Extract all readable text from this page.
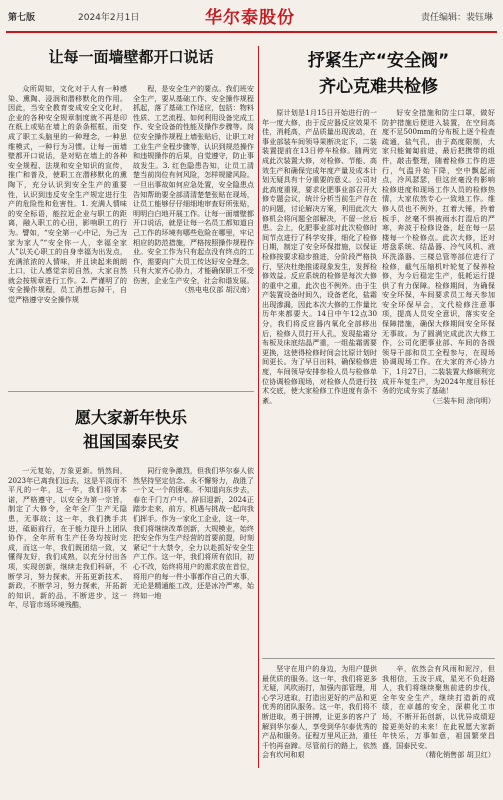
第七版	2024年2月1日	华尔泰股份	责任编辑：裴钰琳
让每一面墙壁都开口说话

众所周知，文化对于人有一种感染、熏陶、浸润和潜移默化的作用。因此，当安全教育变成安全文化时，企业的各种安全规章制度就不再是印在纸上或贴在墙上的条条框框，而变成了职工头脑里的一种理念，一种思维模式，一种行为习惯。让每一面墙壁都开口说话，是对贴在墙上的各种安全规程、法规和安全知识的宣传，推广和普及，使职工在潜移默化的熏陶下，充分认识到安全生产的重要性，认识到违反安全生产规定进行生产的危险性和危害性。1. 充满人情味的安全标语，能拉近企业与职工的距离，融入职工的心田，影响职工的行为。譬如，“安全第一心中记，为己为家为家人”“安全你一人，幸福全家人”以关心职工的自身幸福为出发点，充满浓浓的人情味，并且读起来朗朗上口，让人感觉亲切自然，大家自然就会按规章进行工作。2. 严谨明了的安全操作规程，员工消想忘掉干，自觉严格遵守安全操作规

程，是安全生产的要点。我们班安全生产，要从基础工作、安全操作规程抓起，落了基础工作适应，包括：物料性质、工艺流程、如何利用设备完成工作、安全设备的性能及操作步骤等。岗位安全操作规程上墙张贴后，让职工对工业生产全程步骤等，认识到规范操作和违规操作的后果，自觉遵守，防止事故发生。3. 红色隐患告知，让员工清楚当前岗位有何风险，怎样规避风险。一旦出事故如何应急处置，安全隐患点告知帮助要全部清清楚楚张贴在现场，让员工能够仔仔细细地审查好所张贴，明明白白地开展工作。让每一面墙壁都开口说话，就是让每一名员工都知道自己工作的环境有哪些危险在哪里，牢记相应的防范措施，严格按照操作规程作业。安全工作为只有起点没有终点的工作，需要向广大员工传达好安全理念，只有大家齐心协力，才能确保职工不受伤害，企业生产安全，社会和谐发展。

（热电电仪部 胡汉南）

抒紧生产“安全阀”
齐心克难共检修

原计划是1月15日开始进行的一年一度大修，由于反应器反应效果不佳，消耗高，产品质量出现波动，在事业部装车间领导果断决定下，二装装置提前在13日停车检修。随两完成此次装置大修，对检修、节能、高效生产和确保完成年度产量及成本计划无疑具有十分重要的意义。公司对此高度重视，要求化肥事业部召开大修专题会议，统计分析当前生产存在的问题，讨论解决方案，利用此次大修机会将问题全部解决，不留一丝后患。会上，化肥事业部对此次检修时间节点进行了科学安排，细化了检修日期，制定了安全环保措施，以保证检修按要求稳步推进，分阶段严格执行，坚决杜绝推诿现象发生，发挥检修效益。反应系统的检修是每次大修的重中之重，此次也不例外。由于生产装置设备时间久，设备老化，盐霜出现渗漏，因此本次大修的工作量比历年来都要大。14日中午12点30分，我们将反应器内氧化全部移出后，检修人员打开人孔，发现盐霜分布板及床底结晶严重，一组盐霜需要更换，这使得检修时间会比原计划时间更长。为了早日出料，确保检修进度，车间领导安排参检人员与检修单位协调检修现场，对检修人员进行技术交底，使大家检修工作进度有条不紊。

好安全措施和防尘口罩，做好防护措施后便进入装置，在空间高度不足500mm的分布板上逐个检查疏通，盐气孔，由于高度限制，大家只能匍匐前进，最后把携带的组件，敲击整理，随着检修工作的进行，气温升始下降，空中飘起雨点，冷风瑟瑟，但这丝毫没有影响检修进度和现场工作人员的检修热情，大家依然专心一致地工作。维修人员也不例外，扛着大锤，拎着板手，丝毫不惧被雨水打湿后的严寒，奔波于检修设备，赶在每一层楼每一个检修点。此次大修，还对塔盘系统、结晶器、冷气风机、液环洗涤器、三楼总管等部位进行了检修，截气压缩机叶轮复了保养检修，为今后稳定生产，低耗运行提供了有力保障。检修期间，为确保安全环保，车间要求员工每天参加安全环保早会，文代检修注意事项，提高人员安全意识，落实安全保障措施，确保大修期间安全环保无事故。为了圆满完成此次大修工作，公司化肥事业部、车间的各级领导干部和员工全程参与，在现场协调现场工作。在大家的齐心协力下，1月27日，二装装置大修顺利完成开车复生产，为2024年度目标任务的完成夯实了基础！

（三装车间 涂向明）

愿大家新年快乐
祖国国泰民安

一元复始，万象更新。悄然间，2023年已离我们远去，这是平淡而不平凡的一年，这一年，我们将守本诺，严格遵守，以安全为第一宗旨，制定了大修令，全年全厂生产无隐患，无事故；这一年，我们携手共进，砥砺前行，在于能力提升上团队协作，全年所有生产任务均按时完成，而这一年，我们既团结一致，又懂得友好，我们成熟，以充分付出各项，实现创新，继续走我们科研，不断学习，努力探索，开拓更新技术、新政，不断学习，努力探索，开拓新的知识，新的品，不断进步，这一年，尽管市场环境残酷，

同行竞争激烈，但我们华尔泰人依然坚持坚定信念、永不懈努力，战胜了一个又一个的困难。不知道向东步去，春在千门万户中。辞旧迎新，2024正踏步走来，前方，机遇与挑战一起向我们挥手。作为一家化工企业，这一年，我们将继续改革创新，大规模业，始终把安全作为生产经营的首要前提，时刻紧记“十大禁令，全力以赴抓好安全生产工作。这一年，我们将所有依旧，初心不改，始终将用户的需求放在首位，将用户的每一件小事都作自己的大事，无论是精通能工改，还是冰冷严寒，始终如一地

坚守在用户的身边，为用户提供最优质的服务。这一年，我们将更多无疑，风吹雨打，加强内部管理，用心学习进取，打造出更好的产品和更优秀的团队服务。这一年，我们将不断进取，勇于拼搏，让更多的客户了解到华尔泰人，享受到华尔泰优秀的产品和服务。征程万里风正劲，重任千钧再奋蹄。尽管前行的路上，依然会有坎坷和艰

辛，依然会有风雨和泥泞，但我相信，玉汝于成，星光不负赶路人，我们将继续聚焦前进的步伐，全年安全生产，继续打造新的成绩，在卓越的安全，深耕化工市场，不断开拓创新，以优异成绩迎接更美好的未来！在此祝愿大家新年快乐，万事如意，祖国繁荣昌盛，国泰民安。

（精化销售部 胡卫红）
